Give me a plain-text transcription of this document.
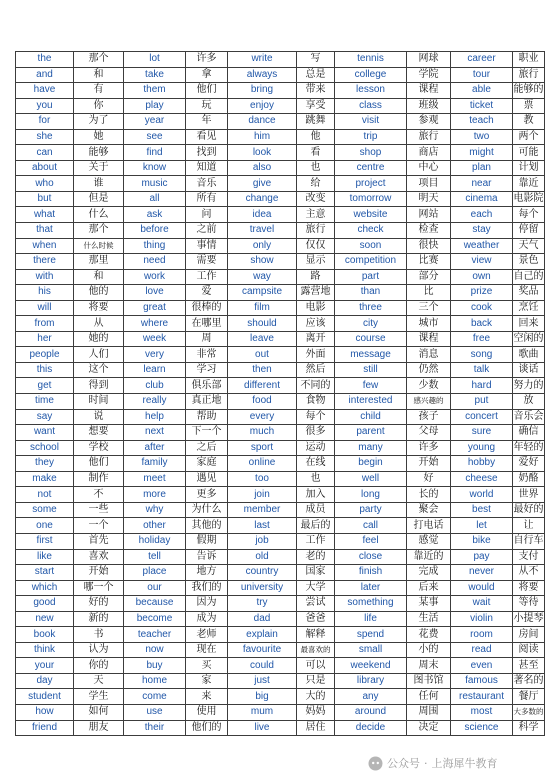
the	那个	lot	许多	write	写	tennis	网球	career	职业
and	和	take	拿	always	总是	college	学院	tour	旅行
have	有	them	他们	bring	带来	lesson	课程	able	能够的
you	你	play	玩	enjoy	享受	class	班级	ticket	票
for	为了	year	年	dance	跳舞	visit	参观	teach	教
she	她	see	看见	him	他	trip	旅行	two	两个
can	能够	find	找到	look	看	shop	商店	might	可能
about	关于	know	知道	also	也	centre	中心	plan	计划
who	谁	music	音乐	give	给	project	项目	near	靠近
but	但是	all	所有	change	改变	tomorrow	明天	cinema	电影院
what	什么	ask	问	idea	主意	website	网站	each	每个
that	那个	before	之前	travel	旅行	check	检查	stay	停留
when	什么时候	thing	事情	only	仅仅	soon	很快	weather	天气
there	那里	need	需要	show	显示	competition	比赛	view	景色
with	和	work	工作	way	路	part	部分	own	自己的
his	他的	love	爱	campsite	露营地	than	比	prize	奖品
will	将要	great	很棒的	film	电影	three	三个	cook	烹饪
from	从	where	在哪里	should	应该	city	城市	back	回来
her	她的	week	周	leave	离开	course	课程	free	空闲的
people	人们	very	非常	out	外面	message	消息	song	歌曲
this	这个	learn	学习	then	然后	still	仍然	talk	谈话
get	得到	club	俱乐部	different	不同的	few	少数	hard	努力的
time	时间	really	真正地	food	食物	interested	感兴趣的	put	放
say	说	help	帮助	every	每个	child	孩子	concert	音乐会
want	想要	next	下一个	much	很多	parent	父母	sure	确信
school	学校	after	之后	sport	运动	many	许多	young	年轻的
they	他们	family	家庭	online	在线	begin	开始	hobby	爱好
make	制作	meet	遇见	too	也	well	好	cheese	奶酪
not	不	more	更多	join	加入	long	长的	world	世界
some	一些	why	为什么	member	成员	party	聚会	best	最好的
one	一个	other	其他的	last	最后的	call	打电话	let	让
first	首先	holiday	假期	job	工作	feel	感觉	bike	自行车
like	喜欢	tell	告诉	old	老的	close	靠近的	pay	支付
start	开始	place	地方	country	国家	finish	完成	never	从不
which	哪一个	our	我们的	university	大学	later	后来	would	将要
good	好的	because	因为	try	尝试	something	某事	wait	等待
new	新的	become	成为	dad	爸爸	life	生活	violin	小提琴
book	书	teacher	老师	explain	解释	spend	花费	room	房间
think	认为	now	现在	favourite	最喜欢的	small	小的	read	阅读
your	你的	buy	买	could	可以	weekend	周末	even	甚至
day	天	home	家	just	只是	library	图书馆	famous	著名的
student	学生	come	来	big	大的	any	任何	restaurant	餐厅
how	如何	use	使用	mum	妈妈	around	周围	most	大多数的
friend	朋友	their	他们的	live	居住	decide	决定	science	科学
公众号 · 上海犀牛教育
